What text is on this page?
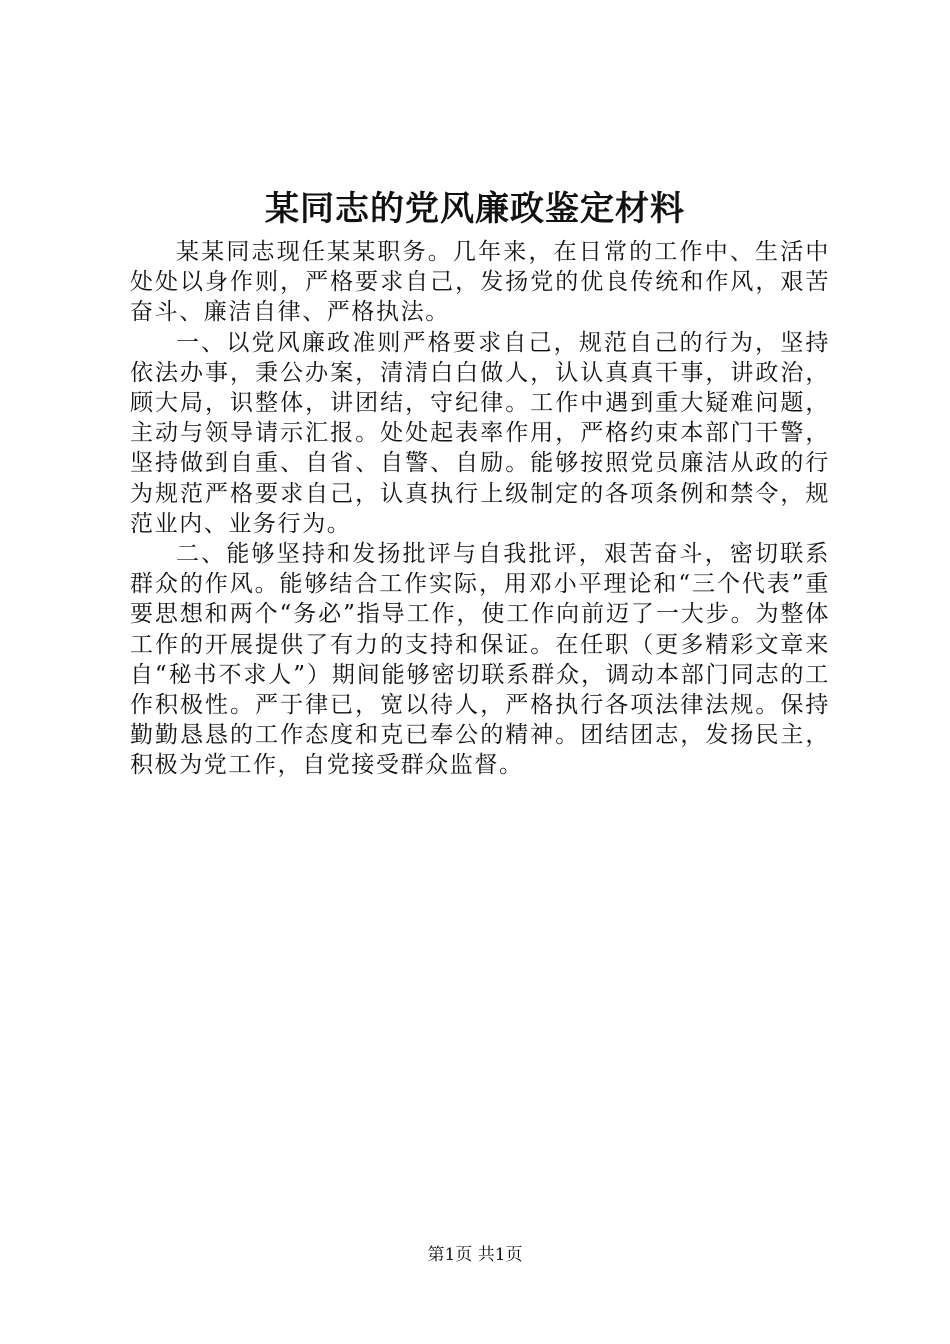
某同志的党风廉政鉴定材料

某某同志现任某某职务。几年来，在日常的工作中、生活中处处以身作则，严格要求自己，发扬党的优良传统和作风，艰苦奋斗、廉洁自律、严格执法。

一、以党风廉政准则严格要求自己，规范自己的行为，坚持依法办事，秉公办案，清清白白做人，认认真真干事，讲政治，顾大局，识整体，讲团结，守纪律。工作中遇到重大疑难问题，主动与领导请示汇报。处处起表率作用，严格约束本部门干警，坚持做到自重、自省、自警、自励。能够按照党员廉洁从政的行为规范严格要求自己，认真执行上级制定的各项条例和禁令，规范业内、业务行为。

二、能够坚持和发扬批评与自我批评，艰苦奋斗，密切联系群众的作风。能够结合工作实际，用邓小平理论和“三个代表”重要思想和两个“务必”指导工作，使工作向前迈了一大步。为整体工作的开展提供了有力的支持和保证。在任职（更多精彩文章来自“秘书不求人”）期间能够密切联系群众，调动本部门同志的工作积极性。严于律已，宽以待人，严格执行各项法律法规。保持勤勤恳恳的工作态度和克已奉公的精神。团结团志，发扬民主，积极为党工作，自党接受群众监督。

第1页 共1页
